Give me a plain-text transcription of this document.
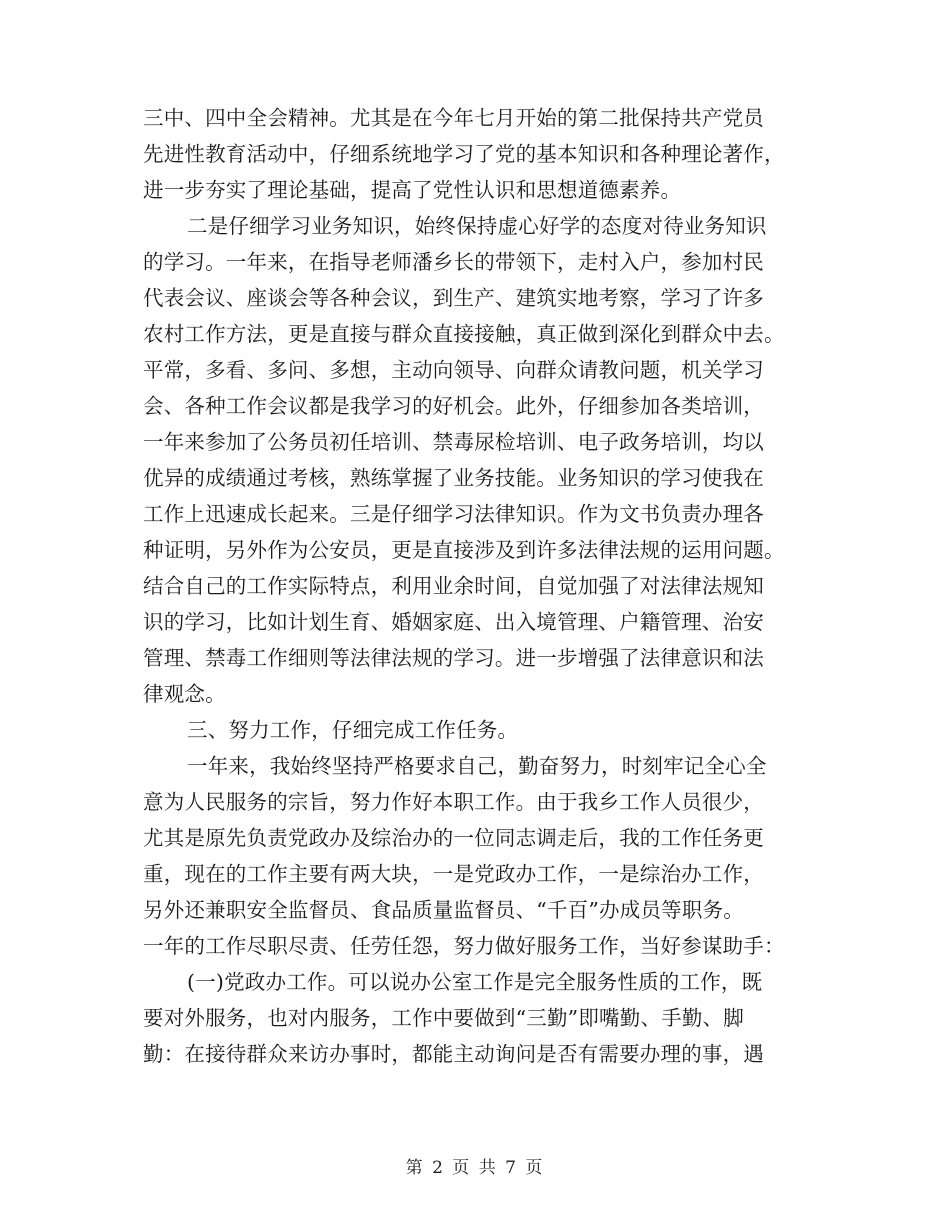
三中、四中全会精神。尤其是在今年七月开始的第二批保持共产党员
先进性教育活动中，仔细系统地学习了党的基本知识和各种理论著作，
进一步夯实了理论基础，提高了党性认识和思想道德素养。
二是仔细学习业务知识，始终保持虚心好学的态度对待业务知识
的学习。一年来，在指导老师潘乡长的带领下，走村入户，参加村民
代表会议、座谈会等各种会议，到生产、建筑实地考察，学习了许多
农村工作方法，更是直接与群众直接接触，真正做到深化到群众中去。
平常，多看、多问、多想，主动向领导、向群众请教问题，机关学习
会、各种工作会议都是我学习的好机会。此外，仔细参加各类培训，
一年来参加了公务员初任培训、禁毒尿检培训、电子政务培训，均以
优异的成绩通过考核，熟练掌握了业务技能。业务知识的学习使我在
工作上迅速成长起来。三是仔细学习法律知识。作为文书负责办理各
种证明，另外作为公安员，更是直接涉及到许多法律法规的运用问题。
结合自己的工作实际特点，利用业余时间，自觉加强了对法律法规知
识的学习，比如计划生育、婚姻家庭、出入境管理、户籍管理、治安
管理、禁毒工作细则等法律法规的学习。进一步增强了法律意识和法
律观念。
三、努力工作，仔细完成工作任务。
一年来，我始终坚持严格要求自己，勤奋努力，时刻牢记全心全
意为人民服务的宗旨，努力作好本职工作。由于我乡工作人员很少，
尤其是原先负责党政办及综治办的一位同志调走后，我的工作任务更
重，现在的工作主要有两大块，一是党政办工作，一是综治办工作，
另外还兼职安全监督员、食品质量监督员、“千百”办成员等职务。
一年的工作尽职尽责、任劳任怨，努力做好服务工作，当好参谋助手：
(一)党政办工作。可以说办公室工作是完全服务性质的工作，既
要对外服务，也对内服务，工作中要做到“三勤”即嘴勤、手勤、脚
勤：在接待群众来访办事时，都能主动询问是否有需要办理的事，遇
第 2 页 共 7 页
